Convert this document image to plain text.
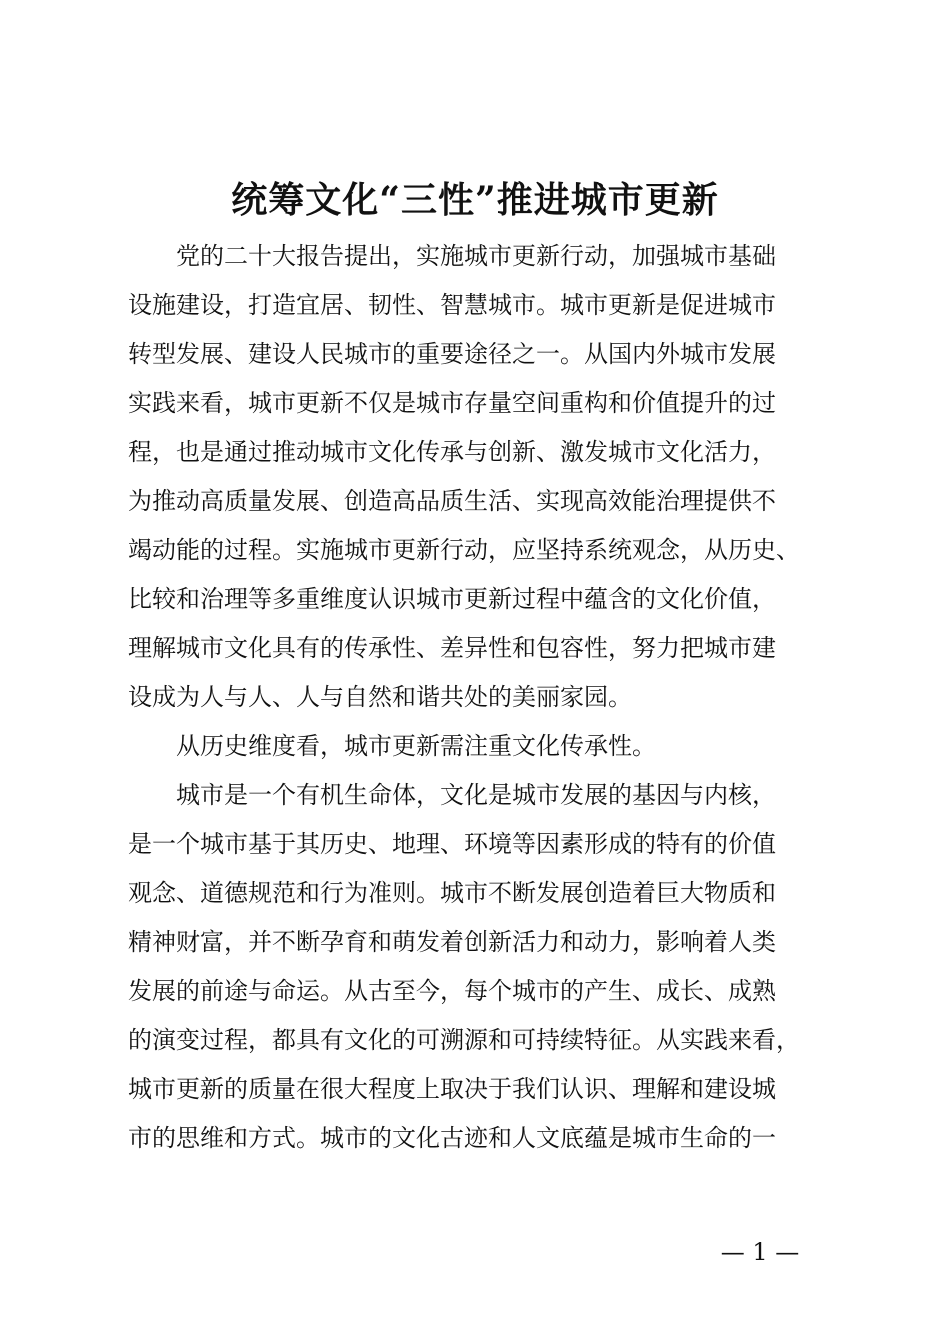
统筹文化“三性”推进城市更新
党的二十大报告提出，实施城市更新行动，加强城市基础
设施建设，打造宜居、韧性、智慧城市。城市更新是促进城市
转型发展、建设人民城市的重要途径之一。从国内外城市发展
实践来看，城市更新不仅是城市存量空间重构和价值提升的过
程，也是通过推动城市文化传承与创新、激发城市文化活力，
为推动高质量发展、创造高品质生活、实现高效能治理提供不
竭动能的过程。实施城市更新行动，应坚持系统观念，从历史、
比较和治理等多重维度认识城市更新过程中蕴含的文化价值，
理解城市文化具有的传承性、差异性和包容性，努力把城市建
设成为人与人、人与自然和谐共处的美丽家园。
从历史维度看，城市更新需注重文化传承性。
城市是一个有机生命体，文化是城市发展的基因与内核，
是一个城市基于其历史、地理、环境等因素形成的特有的价值
观念、道德规范和行为准则。城市不断发展创造着巨大物质和
精神财富，并不断孕育和萌发着创新活力和动力，影响着人类
发展的前途与命运。从古至今，每个城市的产生、成长、成熟
的演变过程，都具有文化的可溯源和可持续特征。从实践来看，
城市更新的质量在很大程度上取决于我们认识、理解和建设城
市的思维和方式。城市的文化古迹和人文底蕴是城市生命的一
— 1 —
